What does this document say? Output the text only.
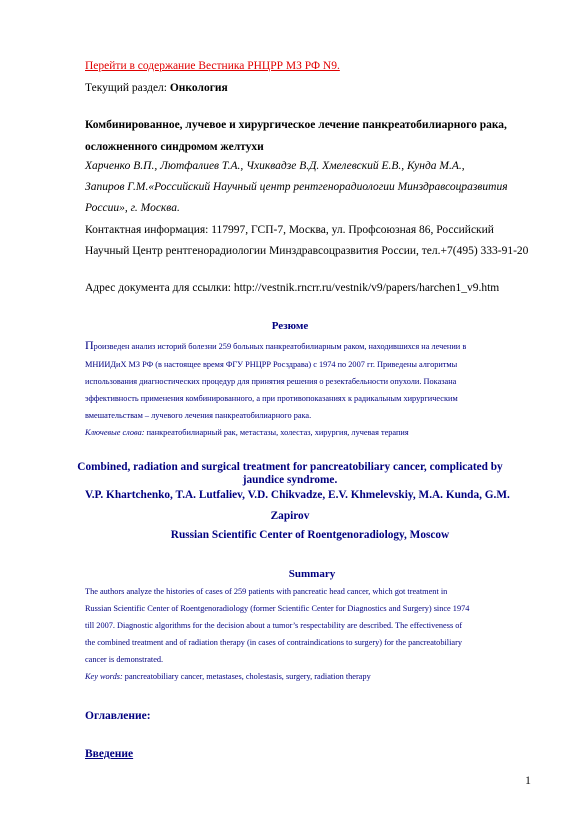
Перейти в содержание Вестника РНЦРР МЗ РФ N9.
Текущий раздел: Онкология
Комбинированное, лучевое и хирургическое лечение панкреатобилиарного рака,
осложненного синдромом желтухи
Харченко В.П., Лютфалиев Т.А., Чхиквадзе В.Д. Хмелевский Е.В., Кунда М.А.,
Запиров Г.М.«Российский Научный центр рентгенорадиологии Минздравсоцразвития
России», г. Москва.
Контактная информация: 117997, ГСП-7, Москва, ул. Профсоюзная 86, Российский
Научный Центр рентгенорадиологии Минздравсоцразвития России, тел.+7(495) 333-91-20
Адрес документа для ссылки: http://vestnik.rncrr.ru/vestnik/v9/papers/harchen1_v9.htm
Резюме
Произведен анализ историй болезни 259 больных панкреатобилиарным раком, находившихся на лечении в
МНИИДиХ МЗ РФ (в настоящее время ФГУ РНЦРР Росздрава) с 1974 по 2007 гг. Приведены алгоритмы
использования диагностических процедур для принятия решения о резектабельности опухоли. Показана
эффективность применения комбинированного, а при противопоказаниях к радикальным хирургическим
вмешательствам – лучевого лечения панкреатобилиарного рака.
Ключевые слова: панкреатобилиарный рак, метастазы, холестаз, хирургия, лучевая терапия
Combined, radiation and surgical treatment for pancreatobiliary cancer, complicated by
jaundice syndrome.
V.P. Khartchenko, T.A. Lutfaliev, V.D. Chikvadze, E.V. Khmelevskiy, M.A. Kunda, G.M.
Zapirov
Russian Scientific Center of Roentgenoradiology, Moscow
Summary
The authors analyze the histories of cases of 259 patients with pancreatic head cancer, which got treatment in
Russian Scientific Center of Roentgenoradiology (former Scientific Center for Diagnostics and Surgery) since 1974
till 2007. Diagnostic algorithms for the decision about a tumor’s respectability are described. The effectiveness of
the combined treatment and of radiation therapy (in cases of contraindications to surgery) for the pancreatobiliary
cancer is demonstrated.
Key words: pancreatobiliary cancer, metastases, cholestasis, surgery, radiation therapy
Оглавление:
Введение
1
